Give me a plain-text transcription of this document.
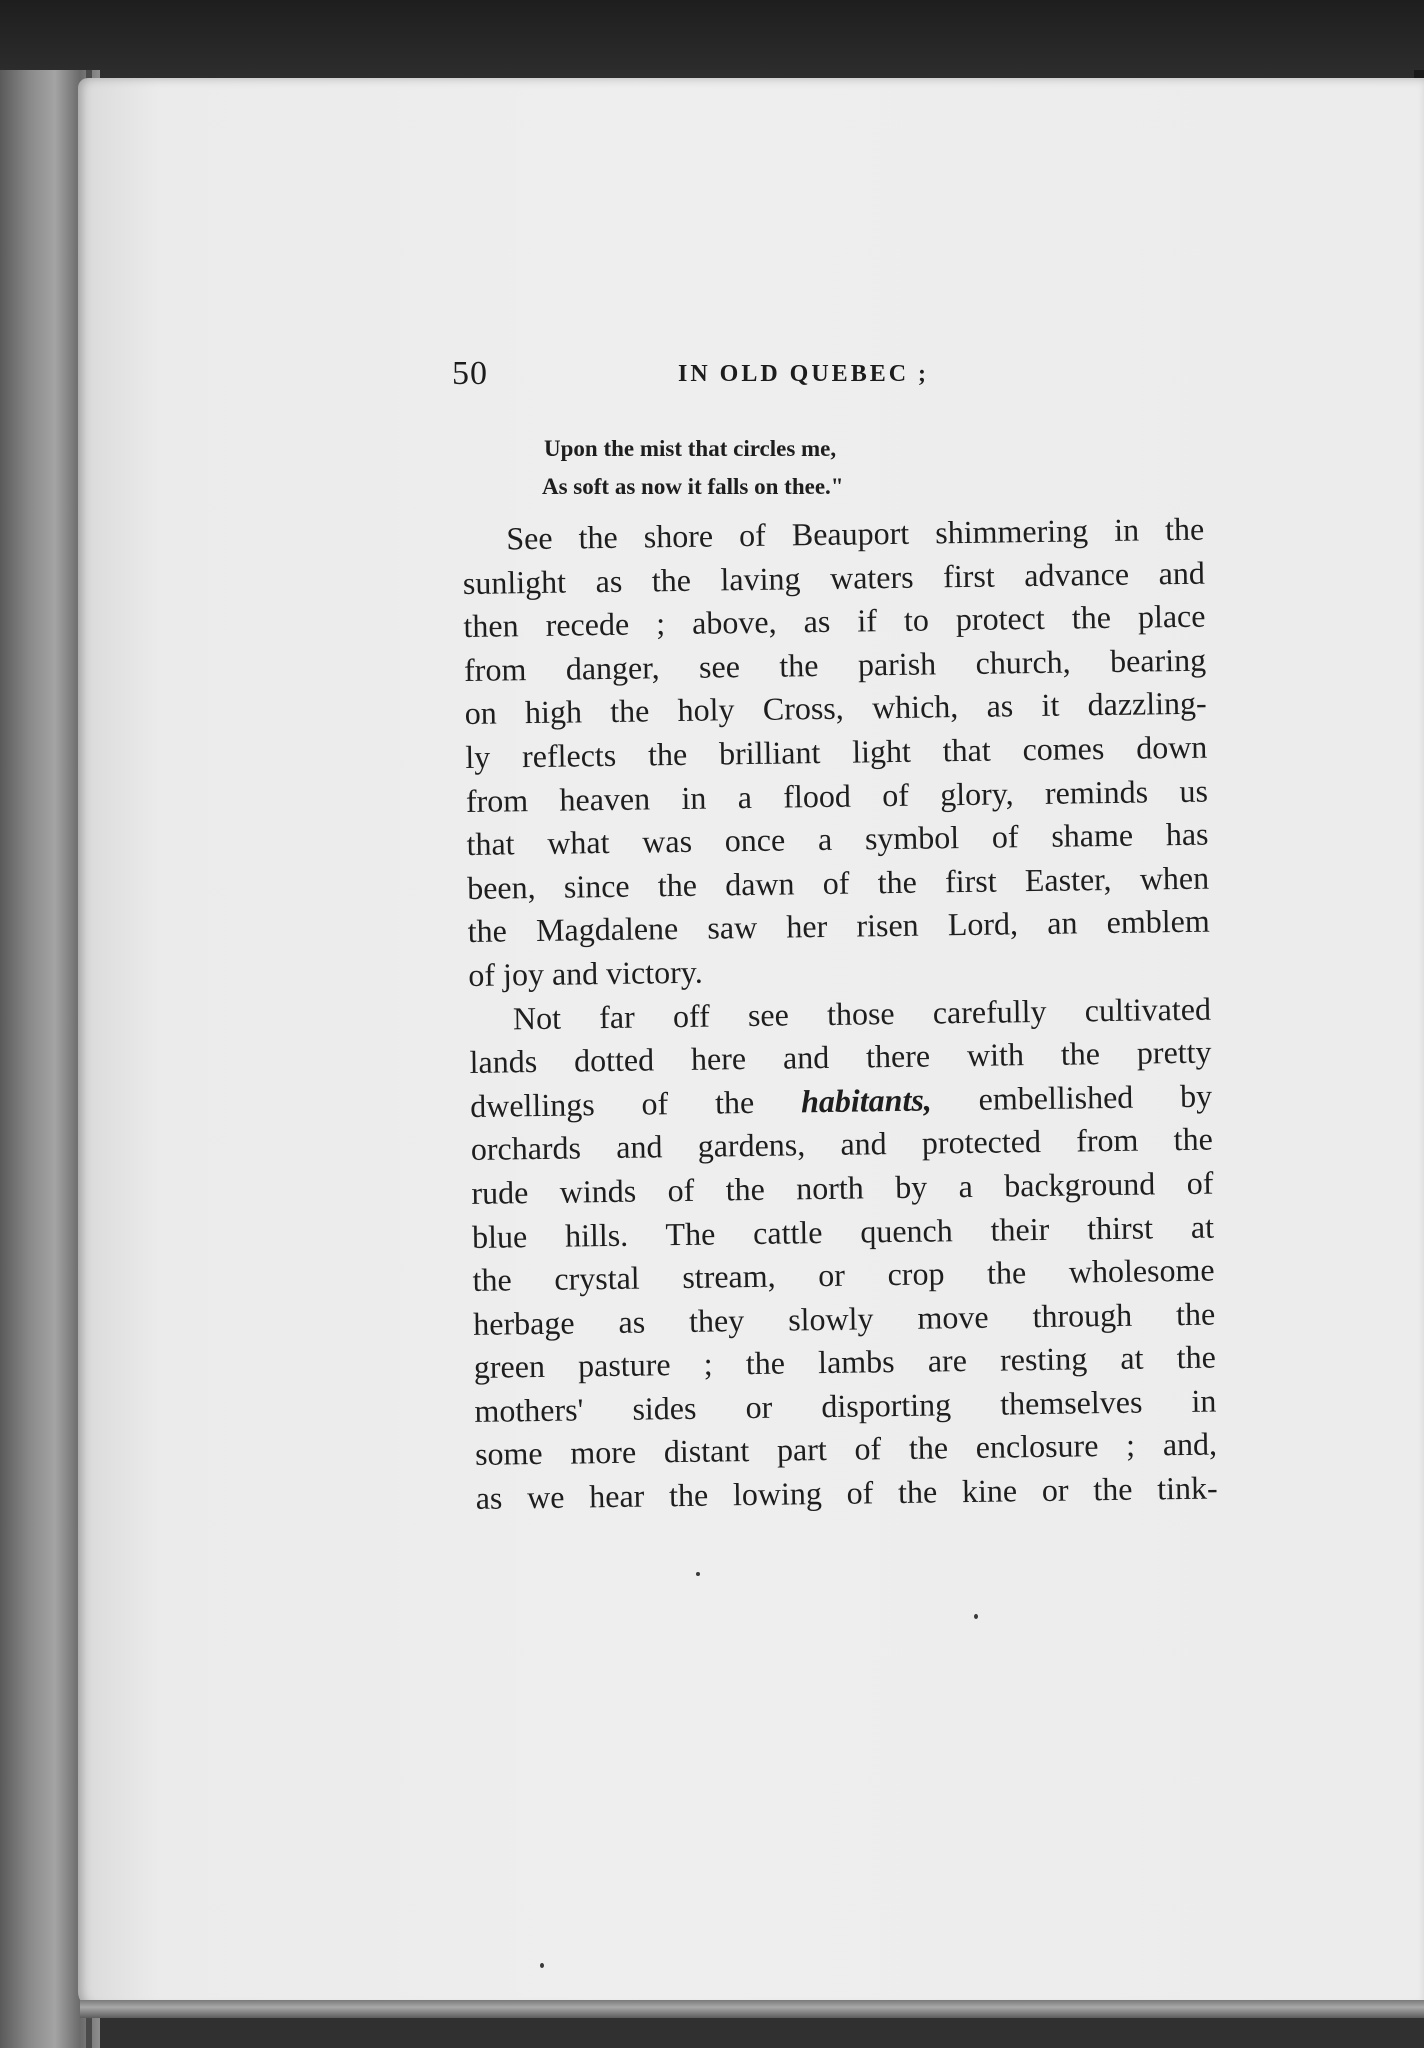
50	IN OLD QUEBEC ;
Upon the mist that circles me,
As soft as now it falls on thee."
See the shore of Beauport shimmering in the
sunlight as the laving waters first advance and
then recede ; above, as if to protect the place
from danger, see the parish church, bearing
on high the holy Cross, which, as it dazzling-
ly reflects the brilliant light that comes down
from heaven in a flood of glory, reminds us
that what was once a symbol of shame has
been, since the dawn of the first Easter, when
the Magdalene saw her risen Lord, an emblem
of joy and victory.
Not far off see those carefully cultivated
lands dotted here and there with the pretty
dwellings of the habitants, embellished by
orchards and gardens, and protected from the
rude winds of the north by a background of
blue hills. The cattle quench their thirst at
the crystal stream, or crop the wholesome
herbage as they slowly move through the
green pasture ; the lambs are resting at the
mothers' sides or disporting themselves in
some more distant part of the enclosure ; and,
as we hear the lowing of the kine or the tink-
